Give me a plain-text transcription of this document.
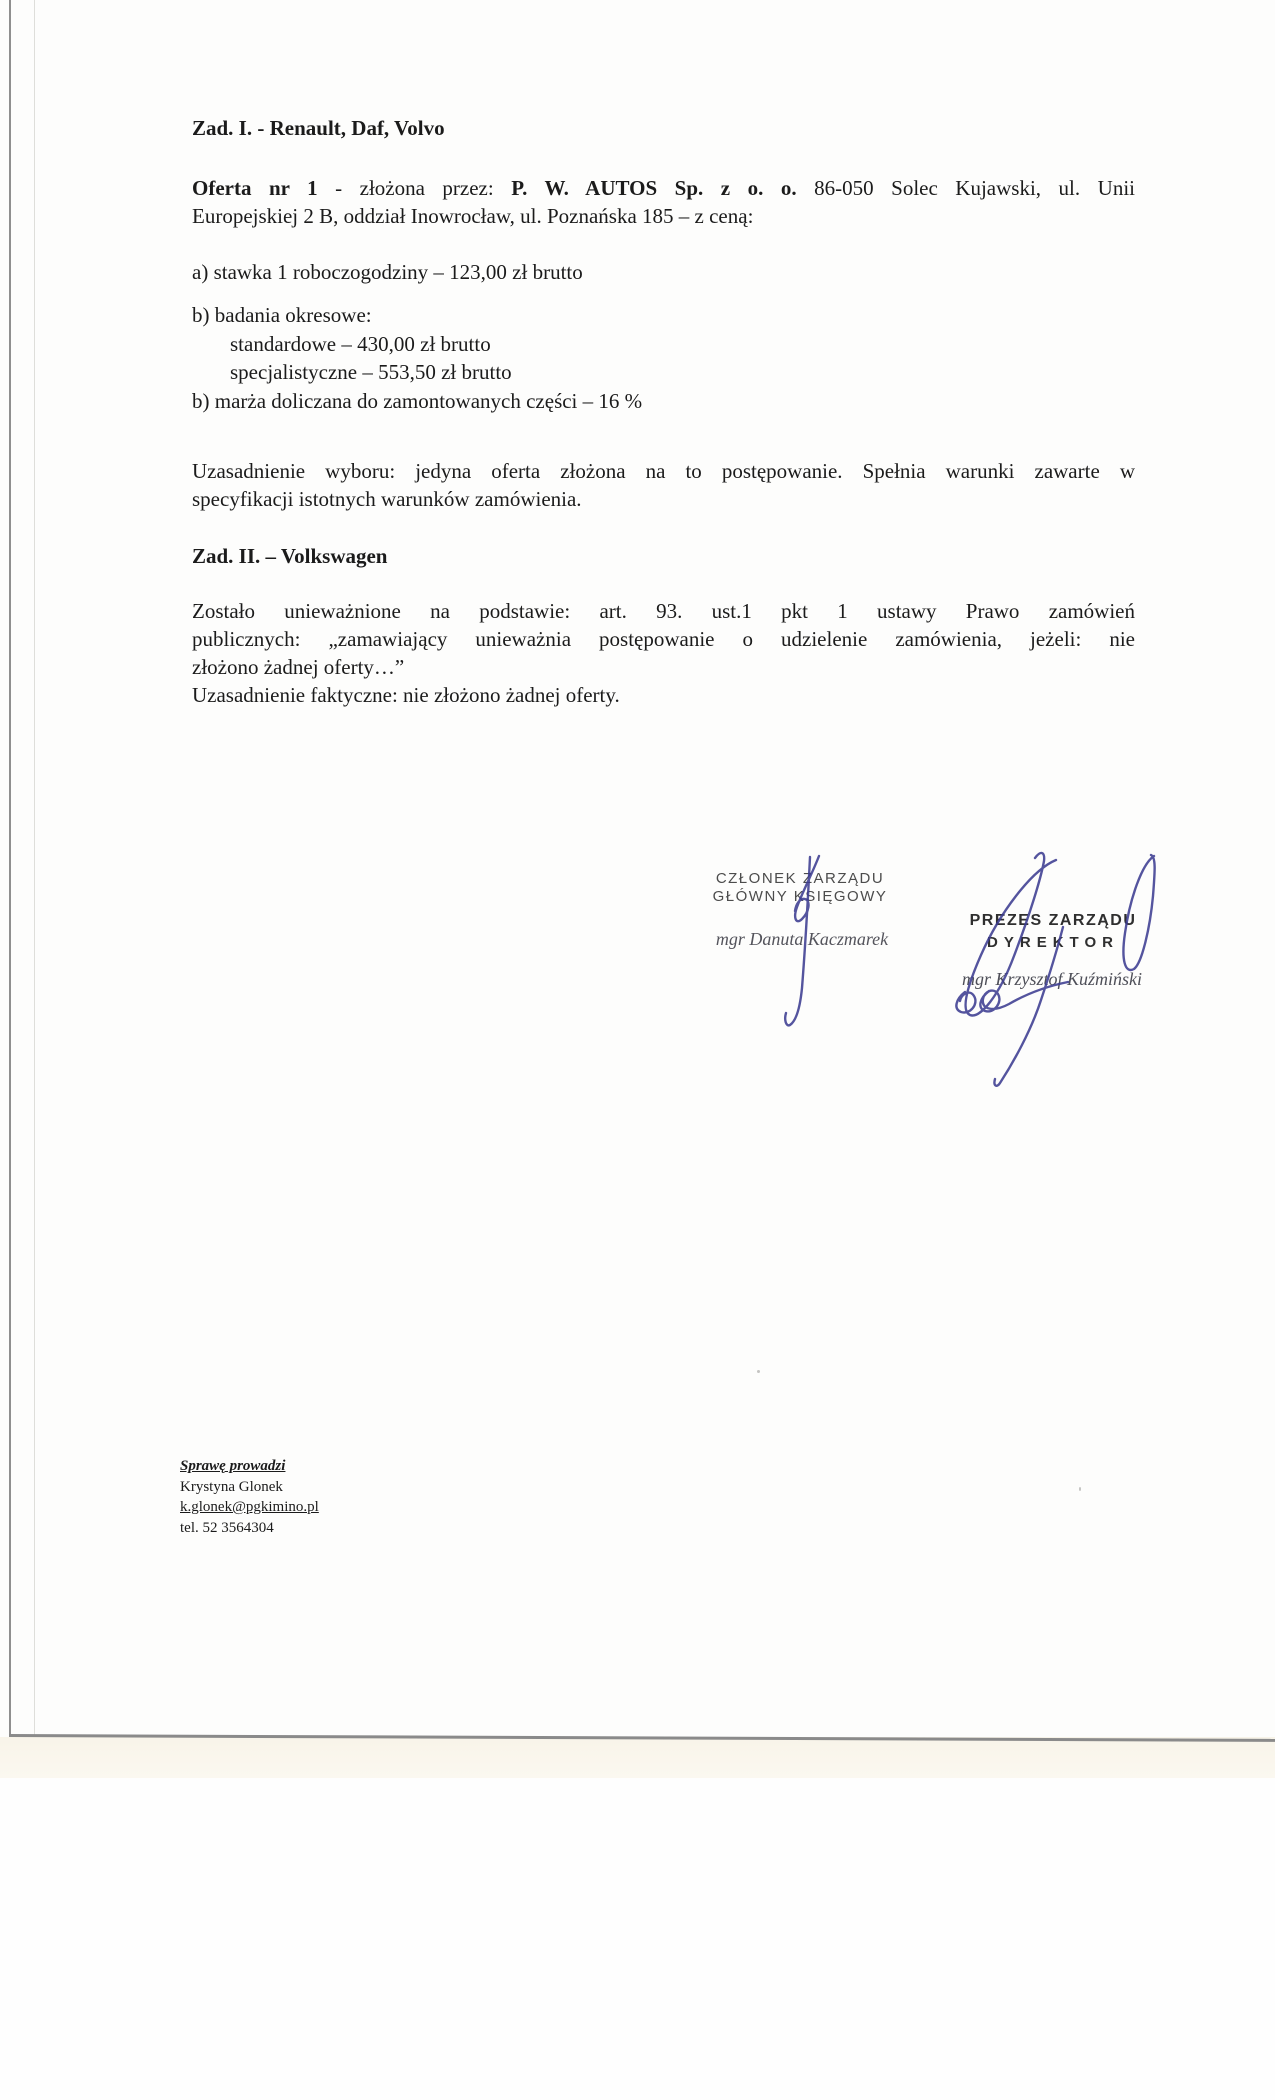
Zad. I. - Renault, Daf, Volvo
Oferta nr 1 - złożona przez: P. W. AUTOS Sp. z o. o. 86-050 Solec Kujawski, ul. Unii
Europejskiej 2 B, oddział Inowrocław, ul. Poznańska 185 – z ceną:
a) stawka 1 roboczogodziny – 123,00 zł brutto
b) badania okresowe:
standardowe – 430,00 zł brutto
specjalistyczne – 553,50 zł brutto
b) marża doliczana do zamontowanych części – 16 %
Uzasadnienie wyboru: jedyna oferta złożona na to postępowanie. Spełnia warunki zawarte w
specyfikacji istotnych warunków zamówienia.
Zad. II. – Volkswagen
Zostało unieważnione na podstawie: art. 93. ust.1 pkt 1 ustawy Prawo zamówień
publicznych: „zamawiający unieważnia postępowanie o udzielenie zamówienia, jeżeli: nie
złożono żadnej oferty…”
Uzasadnienie faktyczne: nie złożono żadnej oferty.
CZŁONEK ZARZĄDU
GŁÓWNY KSIĘGOWY
mgr Danuta Kaczmarek
PREZES ZARZĄDU
DYREKTOR
mgr Krzysztof Kuźmiński
Sprawę prowadzi
Krystyna Glonek
k.glonek@pgkimino.pl
tel. 52 3564304
